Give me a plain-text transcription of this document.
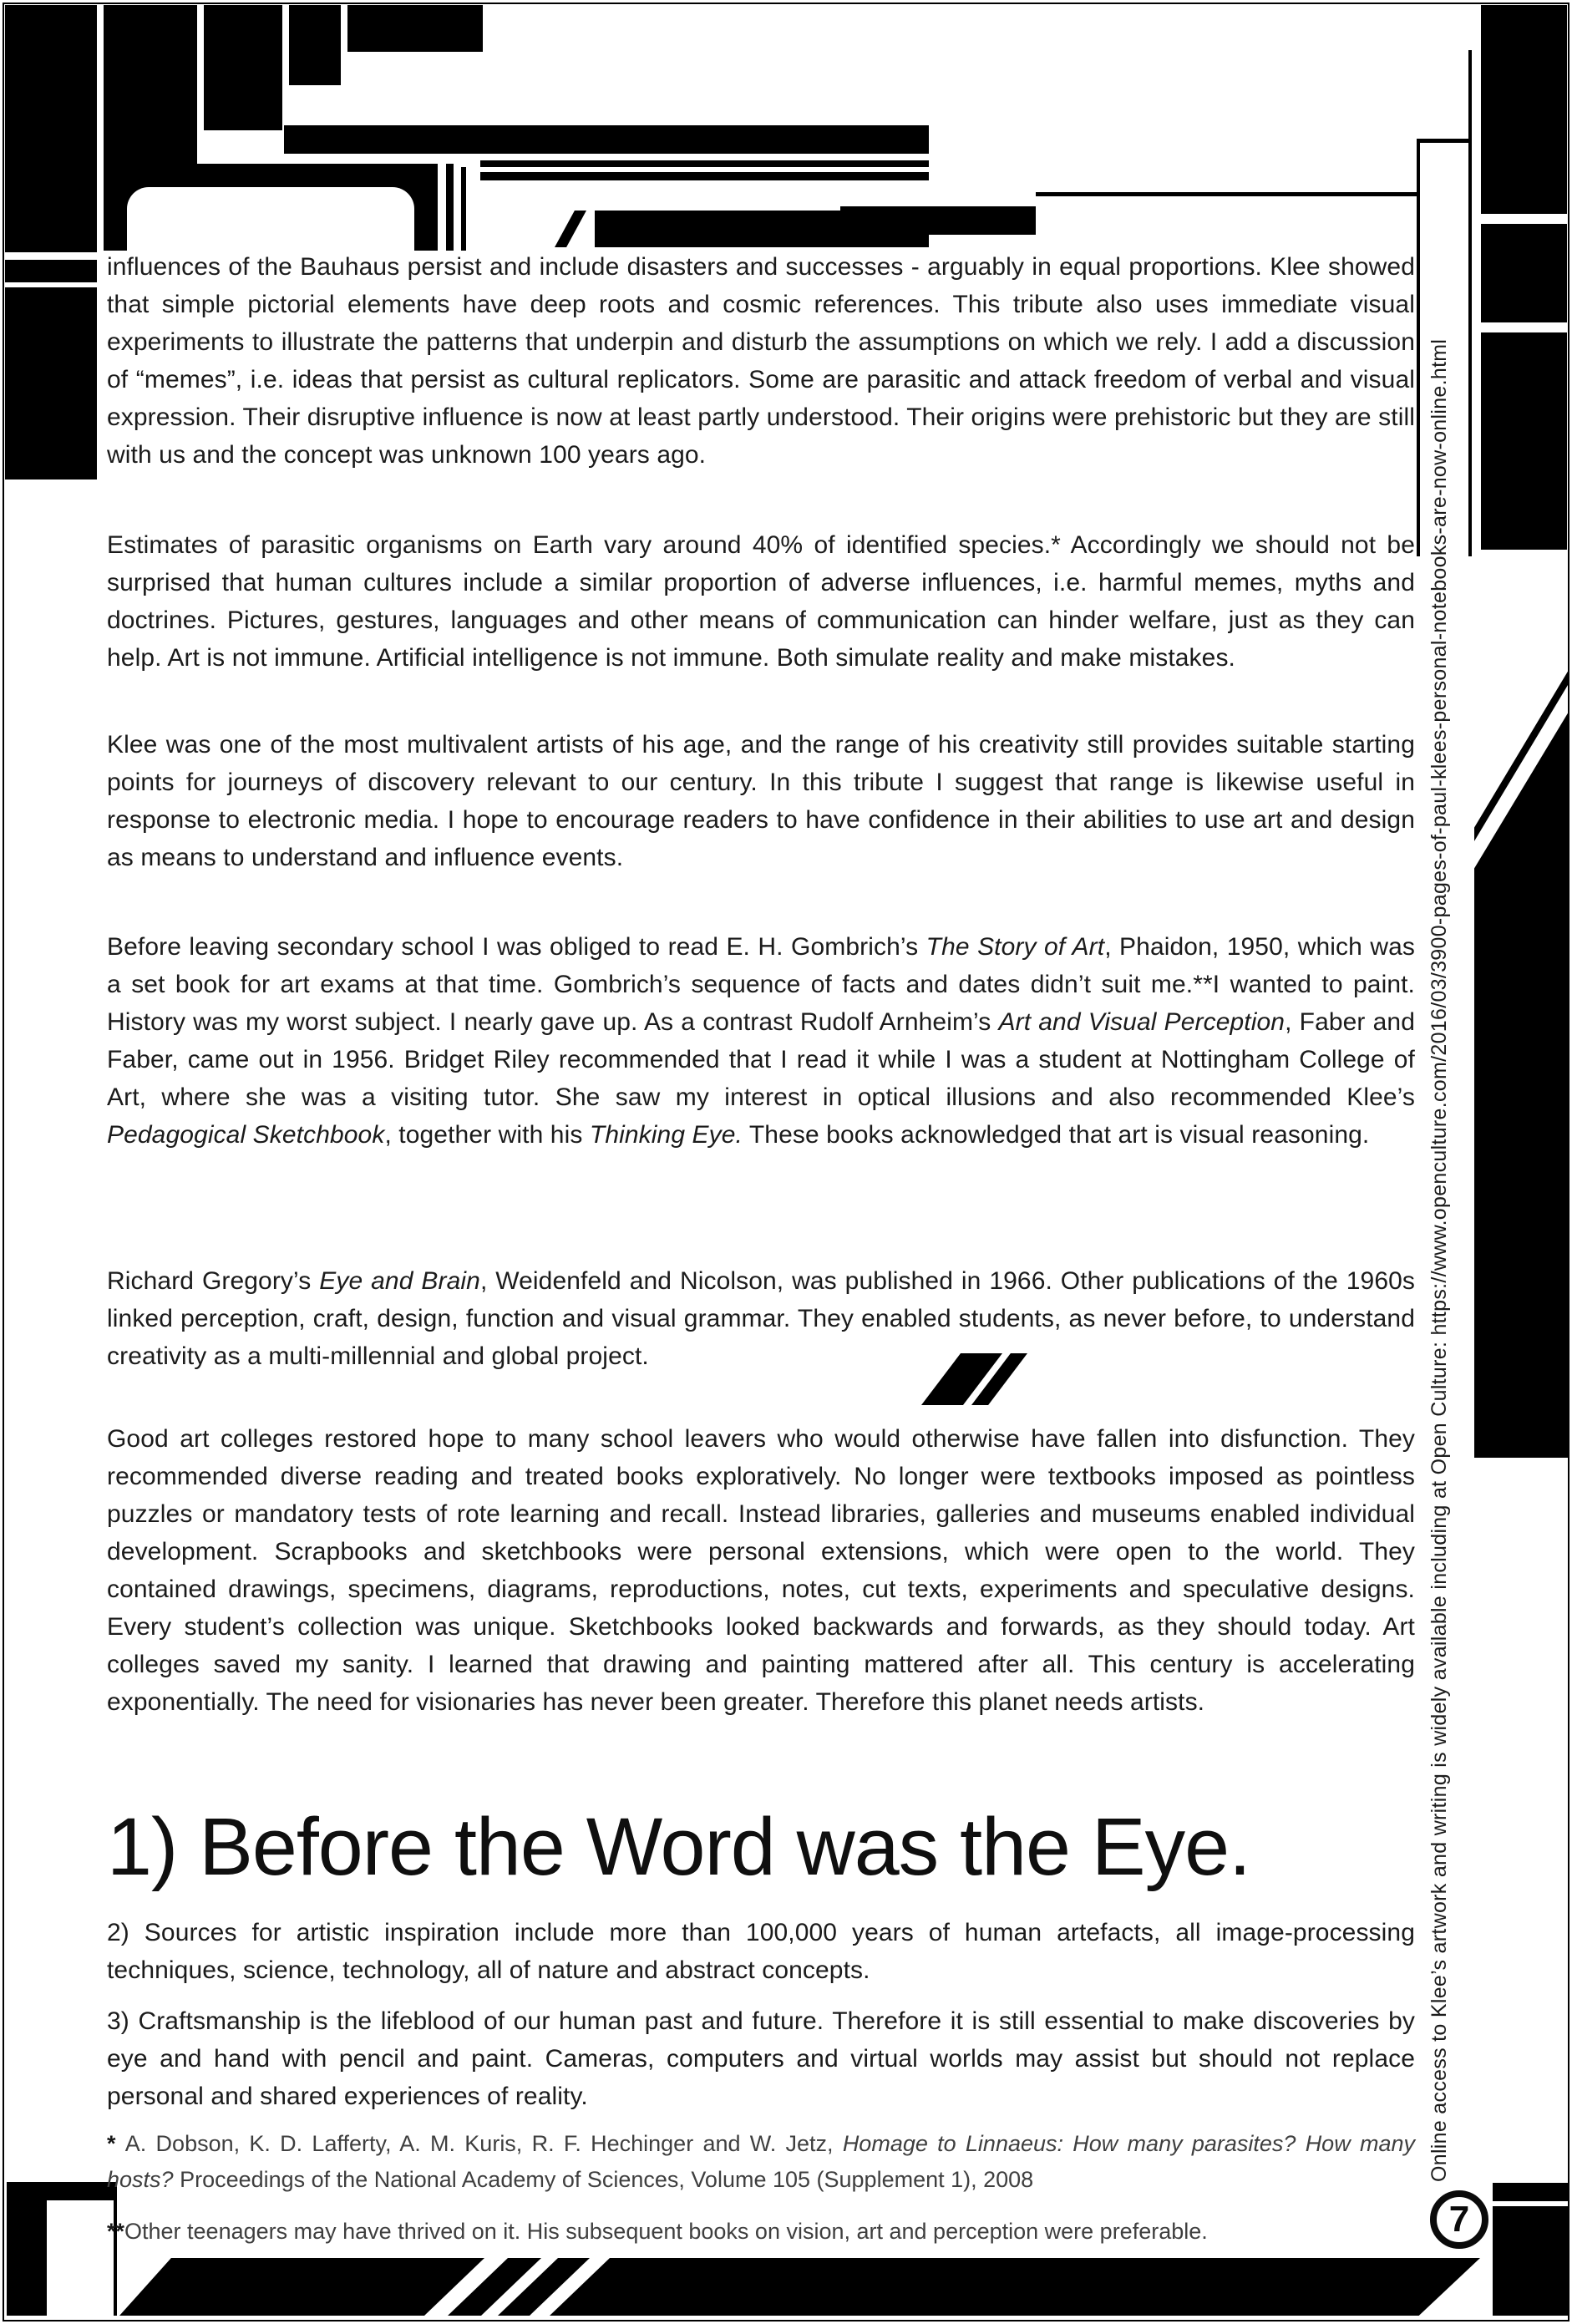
influences of the Bauhaus persist and include disasters and successes - arguably in equal proportions. Klee showed that simple pictorial elements have deep roots and cosmic references. This tribute also uses immediate visual experiments to illustrate the patterns that underpin and disturb the assumptions on which we rely. I add a discussion of “memes”, i.e. ideas that persist as cultural replicators. Some are parasitic and attack freedom of verbal and visual expression. Their disruptive influence is now at least partly understood. Their origins were prehistoric but they are still with us and the concept was unknown 100 years ago.

Estimates of parasitic organisms on Earth vary around 40% of identified species.* Accordingly we should not be surprised that human cultures include a similar proportion of adverse influences, i.e. harmful memes, myths and doctrines. Pictures, gestures, languages and other means of communication can hinder welfare, just as they can help. Art is not immune. Artificial intelligence is not immune. Both simulate reality and make mistakes.

Klee was one of the most multivalent artists of his age, and the range of his creativity still provides suitable starting points for journeys of discovery relevant to our century. In this tribute I suggest that range is likewise useful in response to electronic media. I hope to encourage readers to have confidence in their abilities to use art and design as means to understand and influence events.

Before leaving secondary school I was obliged to read E. H. Gombrich’s The Story of Art, Phaidon, 1950, which was a set book for art exams at that time. Gombrich’s sequence of facts and dates didn’t suit me.**I wanted to paint. History was my worst subject. I nearly gave up. As a contrast Rudolf Arnheim’s Art and Visual Perception, Faber and Faber, came out in 1956. Bridget Riley recommended that I read it while I was a student at Nottingham College of Art, where she was a visiting tutor. She saw my interest in optical illusions and also recommended Klee’s Pedagogical Sketchbook, together with his Thinking Eye. These books acknowledged that art is visual reasoning.

Richard Gregory’s Eye and Brain, Weidenfeld and Nicolson, was published in 1966. Other publications of the 1960s linked perception, craft, design, function and visual grammar. They enabled students, as never before, to understand creativity as a multi-millennial and global project.

Good art colleges restored hope to many school leavers who would otherwise have fallen into disfunction. They recommended diverse reading and treated books exploratively. No longer were textbooks imposed as pointless puzzles or mandatory tests of rote learning and recall. Instead libraries, galleries and museums enabled individual development. Scrapbooks and sketchbooks were personal extensions, which were open to the world. They contained drawings, specimens, diagrams, reproductions, notes, cut texts, experiments and speculative designs. Every student’s collection was unique. Sketchbooks looked backwards and forwards, as they should today. Art colleges saved my sanity. I learned that drawing and painting mattered after all. This century is accelerating exponentially. The need for visionaries has never been greater. Therefore this planet needs artists.

1) Before the Word was the Eye.

2) Sources for artistic inspiration include more than 100,000 years of human artefacts, all image-processing techniques, science, technology, all of nature and abstract concepts.

3) Craftsmanship is the lifeblood of our human past and future. Therefore it is still essential to make discoveries by eye and hand with pencil and paint. Cameras, computers and virtual worlds may assist but should not replace personal and shared experiences of reality.

* A. Dobson, K. D. Lafferty, A. M. Kuris, R. F. Hechinger and W. Jetz, Homage to Linnaeus: How many parasites? How many hosts? Proceedings of the National Academy of Sciences, Volume 105 (Supplement 1), 2008

**Other teenagers may have thrived on it. His subsequent books on vision, art and perception were preferable.

Online access to Klee’s artwork and writing is widely available including at Open Culture: https://www.openculture.com/2016/03/3900-pages-of-paul-klees-personal-notebooks-are-now-online.html
7
